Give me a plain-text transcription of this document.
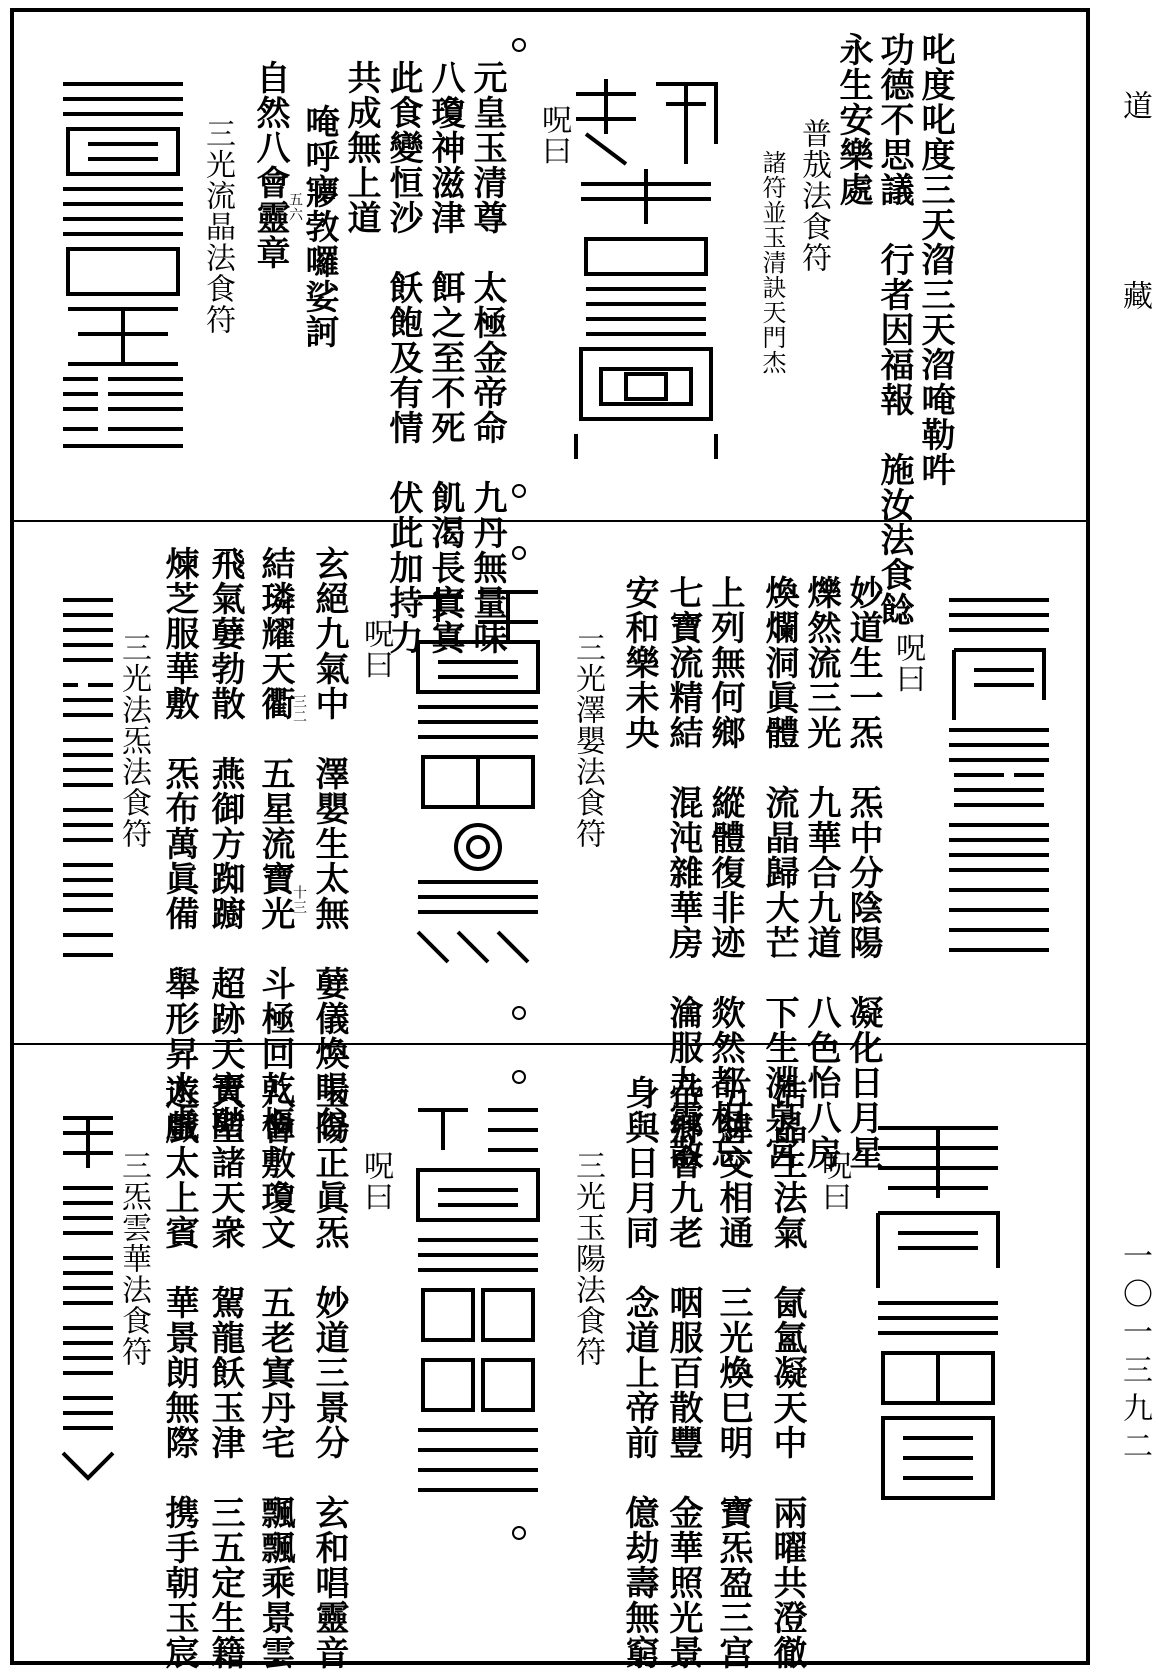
道
藏
一〇一三九二
叱度叱度三天㳷三天㳷唵勒吽
功德不思議　行者因福報　施汝法食䭃
永生安樂處
普㦲法食符
諸符並玉清訣天門杰
呪曰
元皇玉清尊　太極金帝命　九丹無量味
八瓊神滋津　餌之至不死　飢渴長寘寘
此食變恒沙　飫飽及有情　伏此加持力
共成無上道
唵呼㝱㪍囉娑訶
五六
自然八會靈章
三光流晶法食符
呪曰
妙道生一炁　炁中分陰陽　凝化日月星
爍然流三光　九華合九道　八色怡八房
煥爛洞眞體　流晶歸大芒　下生淵泉宫
上列無何鄉　縱體復非迹　欻然都相忘
七寶流精結　混沌雜華房　㵸服九霞散
安和樂未央
三光澤嬰法食符
呪曰
玄絕九氣中　澤嬰生太無　㜸儀煥暘谷
結璘耀天衢　五星流寶光　斗極回乾樞
飛氣㜸勃散　燕御方踟躕　超跡天寶階
煉芝服華敷　炁布萬眞備　舉形昇太虛	三二
十三
三光法炁法食符
呪曰
浩晶生法氣　氤氳凝天中　兩曜共澄徹
五緯交相通　三光煥巳明　寶炁盈三宫
帝鄉會九老　咽服百散豐　金華照光景
身與日月同　念道上帝前　億劫壽無窮
三光玉陽法食符
呪曰
玉陽正眞炁　妙道三景分　玄和唱靈音
八會敷瓊文　五老寘丹宅　飄飄乘景雲
大聖諸天衆　駕龍飫玉津　三五定生籍
遊戲太上賓　華景朗無際　携手朝玉宸
三炁雲華法食符
